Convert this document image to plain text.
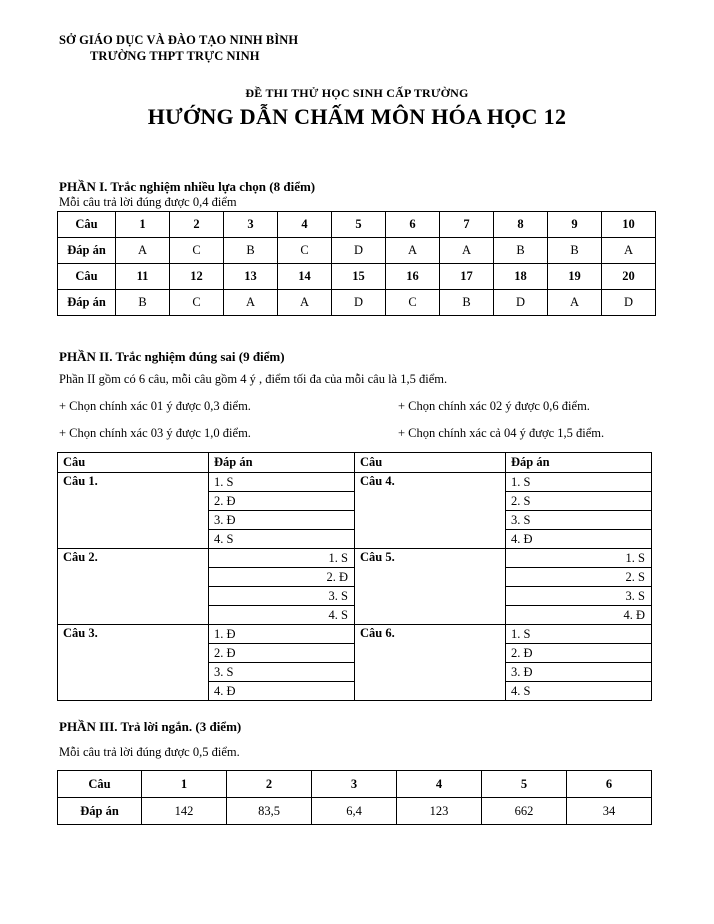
SỞ GIÁO DỤC VÀ ĐÀO TẠO NINH BÌNH
TRƯỜNG THPT TRỰC NINH
ĐỀ THI THỬ HỌC SINH CẤP TRƯỜNG
HƯỚNG DẪN CHẤM MÔN HÓA HỌC 12
PHẦN I. Trắc nghiệm nhiều lựa chọn (8 điểm)
Mỗi câu trả lời đúng được 0,4 điểm
Câu	1	2	3	4	5	6	7	8	9	10
Đáp án	A	C	B	C	D	A	A	B	B	A
Câu	11	12	13	14	15	16	17	18	19	20
Đáp án	B	C	A	A	D	C	B	D	A	D
PHẦN II. Trắc nghiệm đúng sai (9 điểm)
Phần II gồm có 6 câu, mỗi câu gồm 4 ý , điểm tối đa của mỗi câu là 1,5 điểm.
+ Chọn chính xác 01 ý được 0,3 điểm.	+ Chọn chính xác 02 ý được 0,6 điểm.
+ Chọn chính xác 03 ý được 1,0 điểm.	+ Chọn chính xác cả 04 ý được 1,5 điểm.
Câu	Đáp án	Câu	Đáp án
Câu 1.	1. S	Câu 4.	1. S
	2. Đ		2. S
	3. Đ		3. S
	4. S		4. Đ
Câu 2.	1. S	Câu 5.	1. S
	2. Đ		2. S
	3. S		3. S
	4. S		4. Đ
Câu 3.	1. Đ	Câu 6.	1. S
	2. Đ		2. Đ
	3. S		3. Đ
	4. Đ		4. S
PHẦN III. Trả lời ngắn. (3 điểm)
Mỗi câu trả lời đúng được 0,5 điểm.
Câu	1	2	3	4	5	6
Đáp án	142	83,5	6,4	123	662	34
